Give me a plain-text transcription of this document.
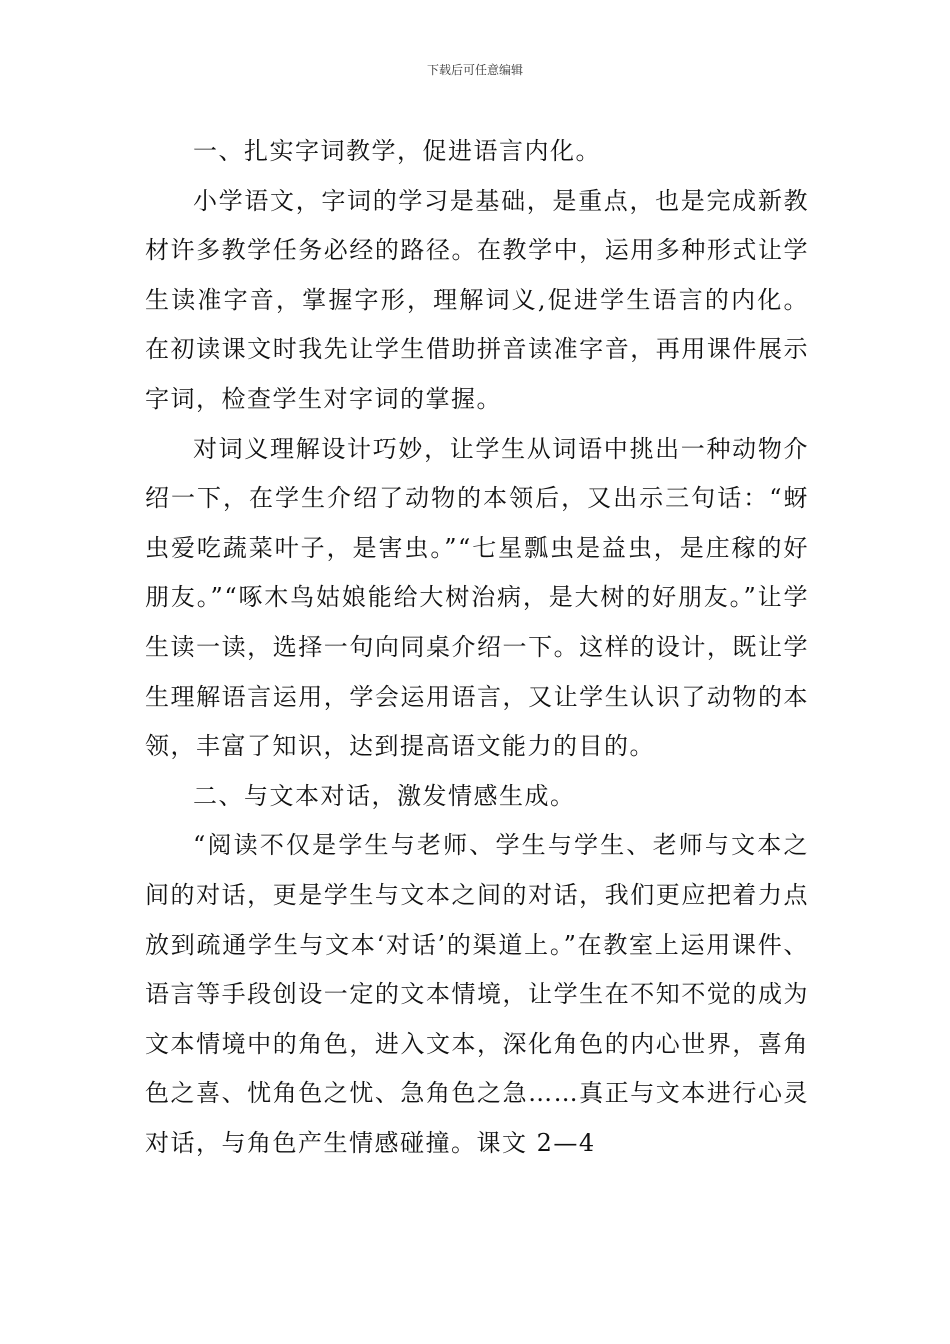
下载后可任意编辑

一、扎实字词教学，促进语言内化。

小学语文，字词的学习是基础，是重点，也是完成新教材许多教学任务必经的路径。在教学中，运用多种形式让学生读准字音，掌握字形，理解词义,促进学生语言的内化。在初读课文时我先让学生借助拼音读准字音，再用课件展示字词，检查学生对字词的掌握。

对词义理解设计巧妙，让学生从词语中挑出一种动物介绍一下，在学生介绍了动物的本领后，又出示三句话：“蚜虫爱吃蔬菜叶子，是害虫。”“七星瓢虫是益虫，是庄稼的好朋友。”“啄木鸟姑娘能给大树治病，是大树的好朋友。”让学生读一读，选择一句向同桌介绍一下。这样的设计，既让学生理解语言运用，学会运用语言，又让学生认识了动物的本领，丰富了知识，达到提高语文能力的目的。

二、与文本对话，激发情感生成。

“阅读不仅是学生与老师、学生与学生、老师与文本之间的对话，更是学生与文本之间的对话，我们更应把着力点放到疏通学生与文本‘对话’的渠道上。”在教室上运用课件、语言等手段创设一定的文本情境，让学生在不知不觉的成为文本情境中的角色，进入文本，深化角色的内心世界，喜角色之喜、忧角色之忧、急角色之急……真正与文本进行心灵对话，与角色产生情感碰撞。课文 2—4
